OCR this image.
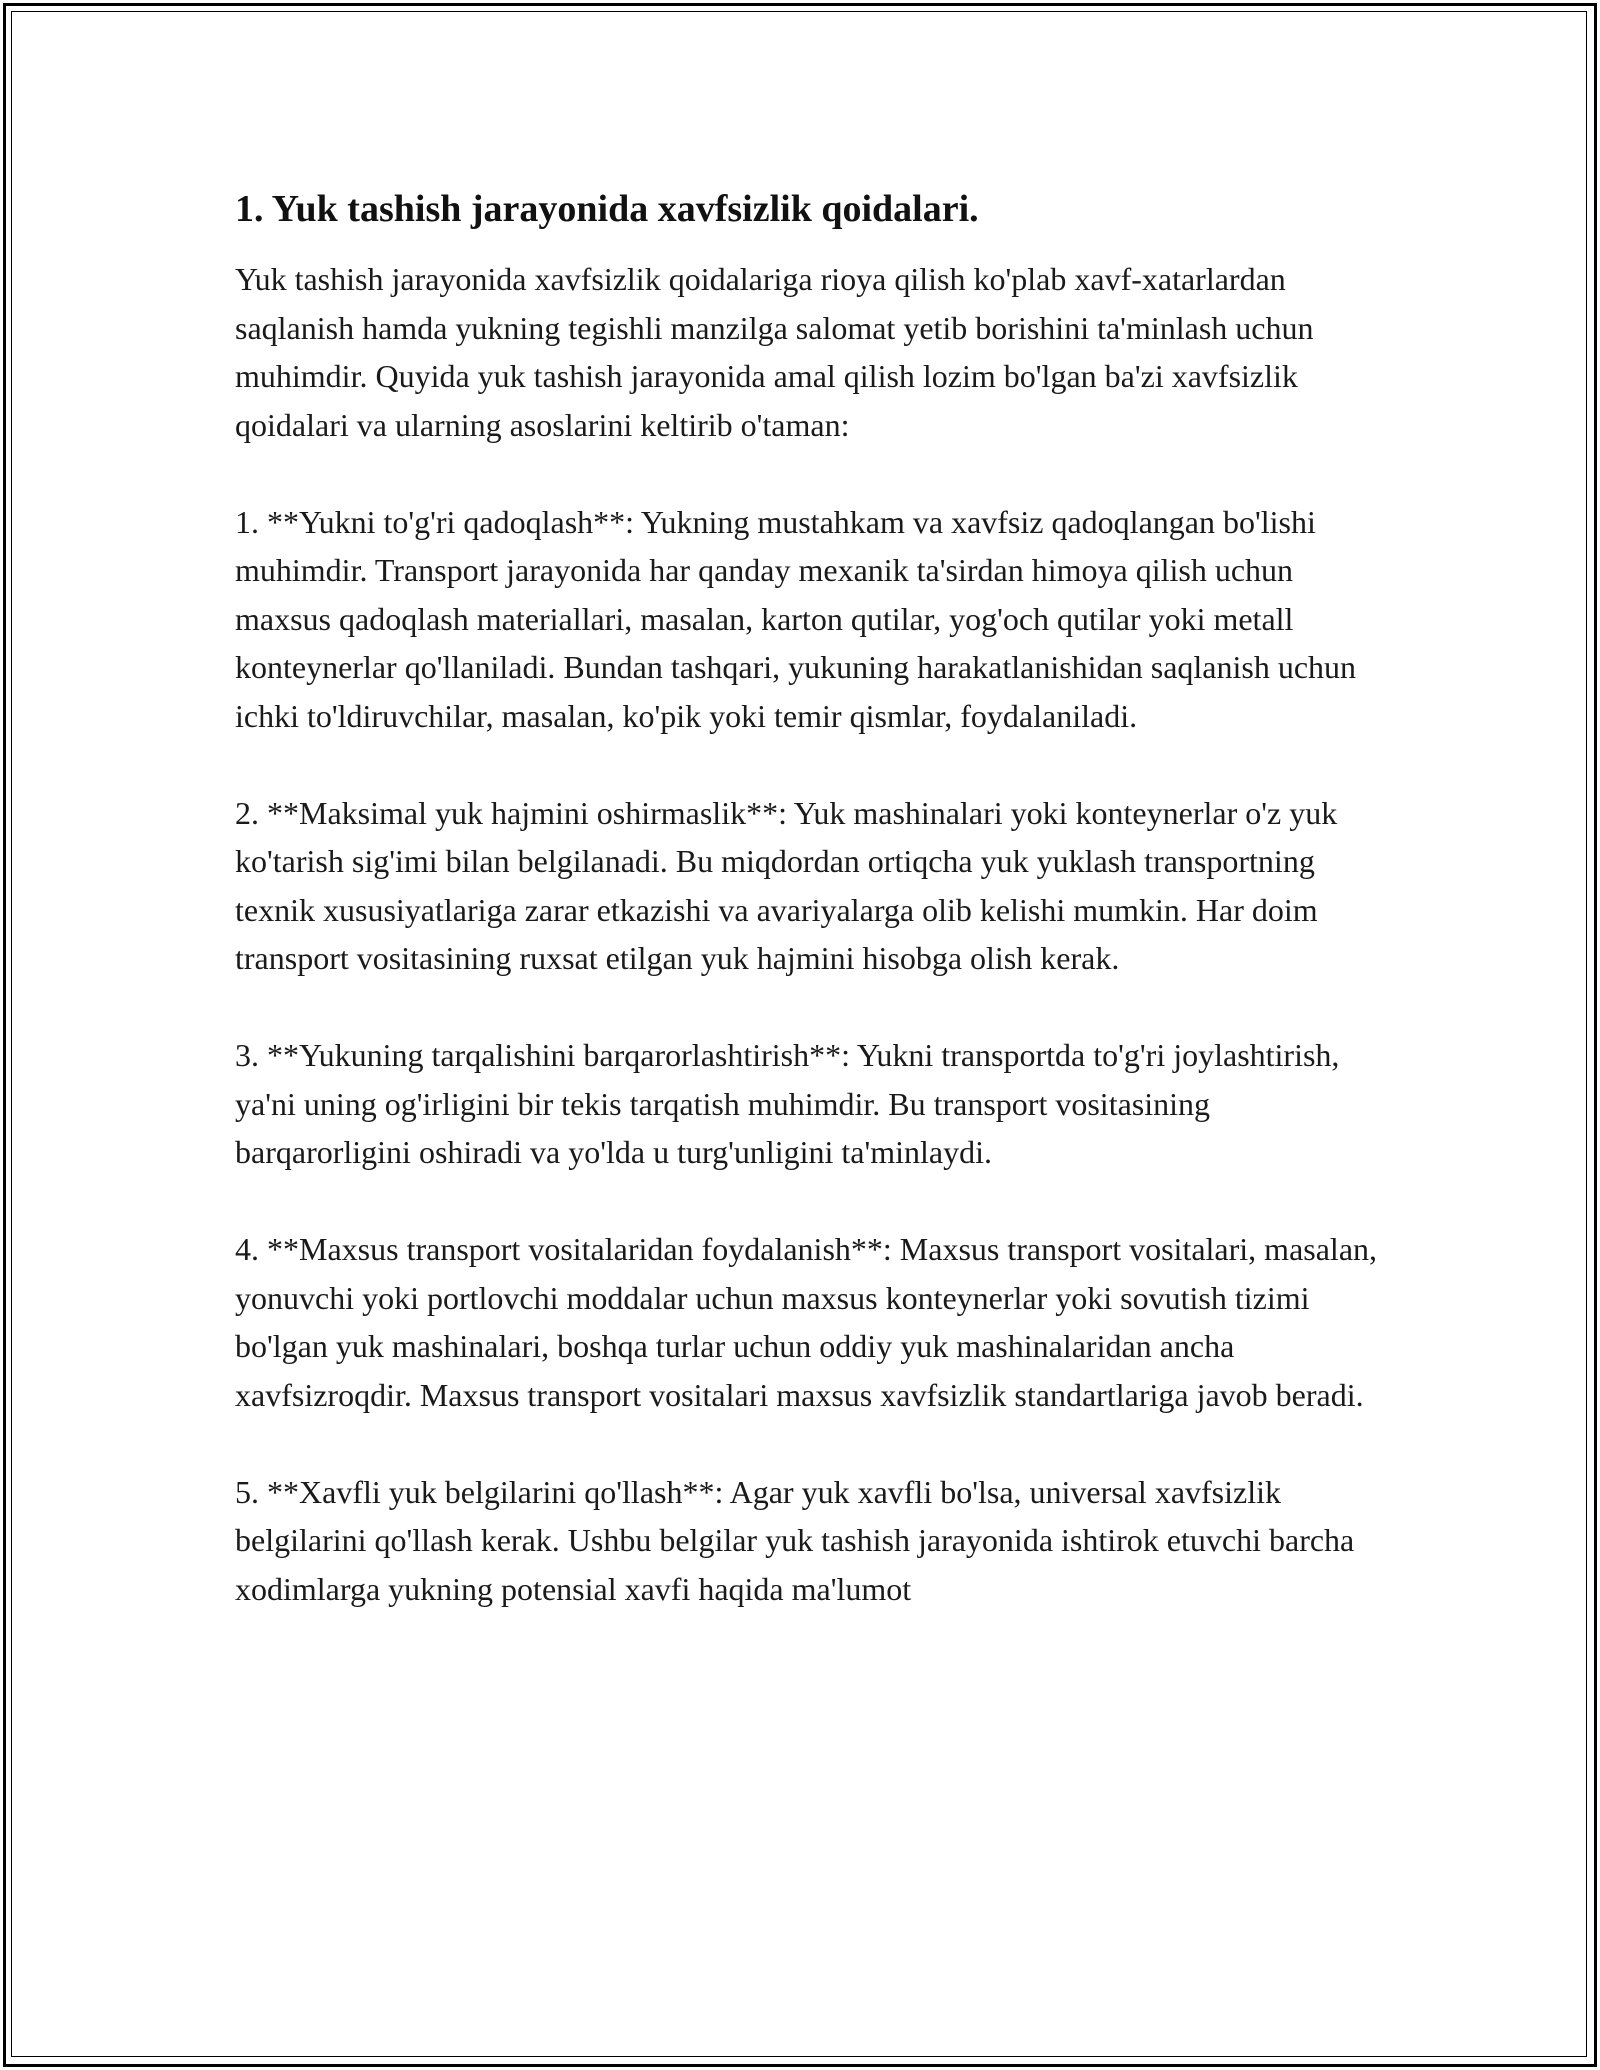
1. Yuk tashish jarayonida xavfsizlik qoidalari.
Yuk tashish jarayonida xavfsizlik qoidalariga rioya qilish ko'plab xavf-xatarlardan saqlanish hamda yukning tegishli manzilga salomat yetib borishini ta'minlash uchun muhimdir. Quyida yuk tashish jarayonida amal qilish lozim bo'lgan ba'zi xavfsizlik qoidalari va ularning asoslarini keltirib o'taman:
1. **Yukni to'g'ri qadoqlash**: Yukning mustahkam va xavfsiz qadoqlangan bo'lishi muhimdir. Transport jarayonida har qanday mexanik ta'sirdan himoya qilish uchun maxsus qadoqlash materiallari, masalan, karton qutilar, yog'och qutilar yoki metall konteynerlar qo'llaniladi. Bundan tashqari, yukuning harakatlanishidan saqlanish uchun ichki to'ldiruvchilar, masalan, ko'pik yoki temir qismlar, foydalaniladi.
2. **Maksimal yuk hajmini oshirmaslik**: Yuk mashinalari yoki konteynerlar o'z yuk ko'tarish sig'imi bilan belgilanadi. Bu miqdordan ortiqcha yuk yuklash transportning texnik xususiyatlariga zarar etkazishi va avariyalarga olib kelishi mumkin. Har doim transport vositasining ruxsat etilgan yuk hajmini hisobga olish kerak.
3. **Yukuning tarqalishini barqarorlashtirish**: Yukni transportda to'g'ri joylashtirish, ya'ni uning og'irligini bir tekis tarqatish muhimdir. Bu transport vositasining barqarorligini oshiradi va yo'lda u turg'unligini ta'minlaydi.
4. **Maxsus transport vositalaridan foydalanish**: Maxsus transport vositalari, masalan, yonuvchi yoki portlovchi moddalar uchun maxsus konteynerlar yoki sovutish tizimi bo'lgan yuk mashinalari, boshqa turlar uchun oddiy yuk mashinalaridan ancha xavfsizroqdir. Maxsus transport vositalari maxsus xavfsizlik standartlariga javob beradi.
5. **Xavfli yuk belgilarini qo'llash**: Agar yuk xavfli bo'lsa, universal xavfsizlik belgilarini qo'llash kerak. Ushbu belgilar yuk tashish jarayonida ishtirok etuvchi barcha xodimlarga yukning potensial xavfi haqida ma'lumot
